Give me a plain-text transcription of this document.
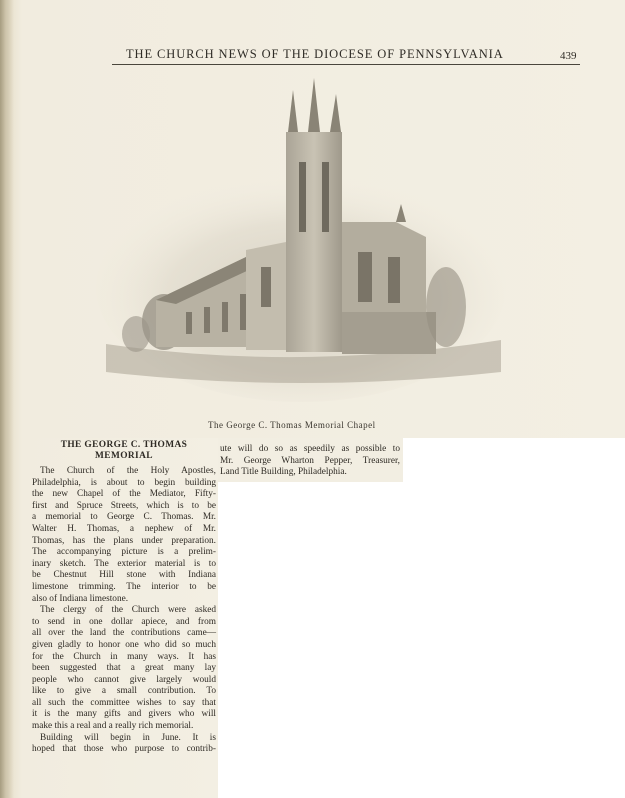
THE CHURCH NEWS OF THE DIOCESE OF PENNSYLVANIA	439
The George C. Thomas Memorial Chapel
THE GEORGE C. THOMAS
MEMORIAL
The Church of the Holy Apostles,
Philadelphia, is about to begin building
the new Chapel of the Mediator, Fifty-
first and Spruce Streets, which is to be
a memorial to George C. Thomas. Mr.
Walter H. Thomas, a nephew of Mr.
Thomas, has the plans under preparation.
The accompanying picture is a prelim-
inary sketch. The exterior material is to
be Chestnut Hill stone with Indiana
limestone trimming. The interior to be
also of Indiana limestone.
The clergy of the Church were asked
to send in one dollar apiece, and from
all over the land the contributions came—
given gladly to honor one who did so much
for the Church in many ways. It has
been suggested that a great many lay
people who cannot give largely would
like to give a small contribution. To
all such the committee wishes to say that
it is the many gifts and givers who will
make this a real and a really rich memorial.
Building will begin in June. It is
hoped that those who purpose to contrib-
ute will do so as speedily as possible to
Mr. George Wharton Pepper, Treasurer,
Land Title Building, Philadelphia.
